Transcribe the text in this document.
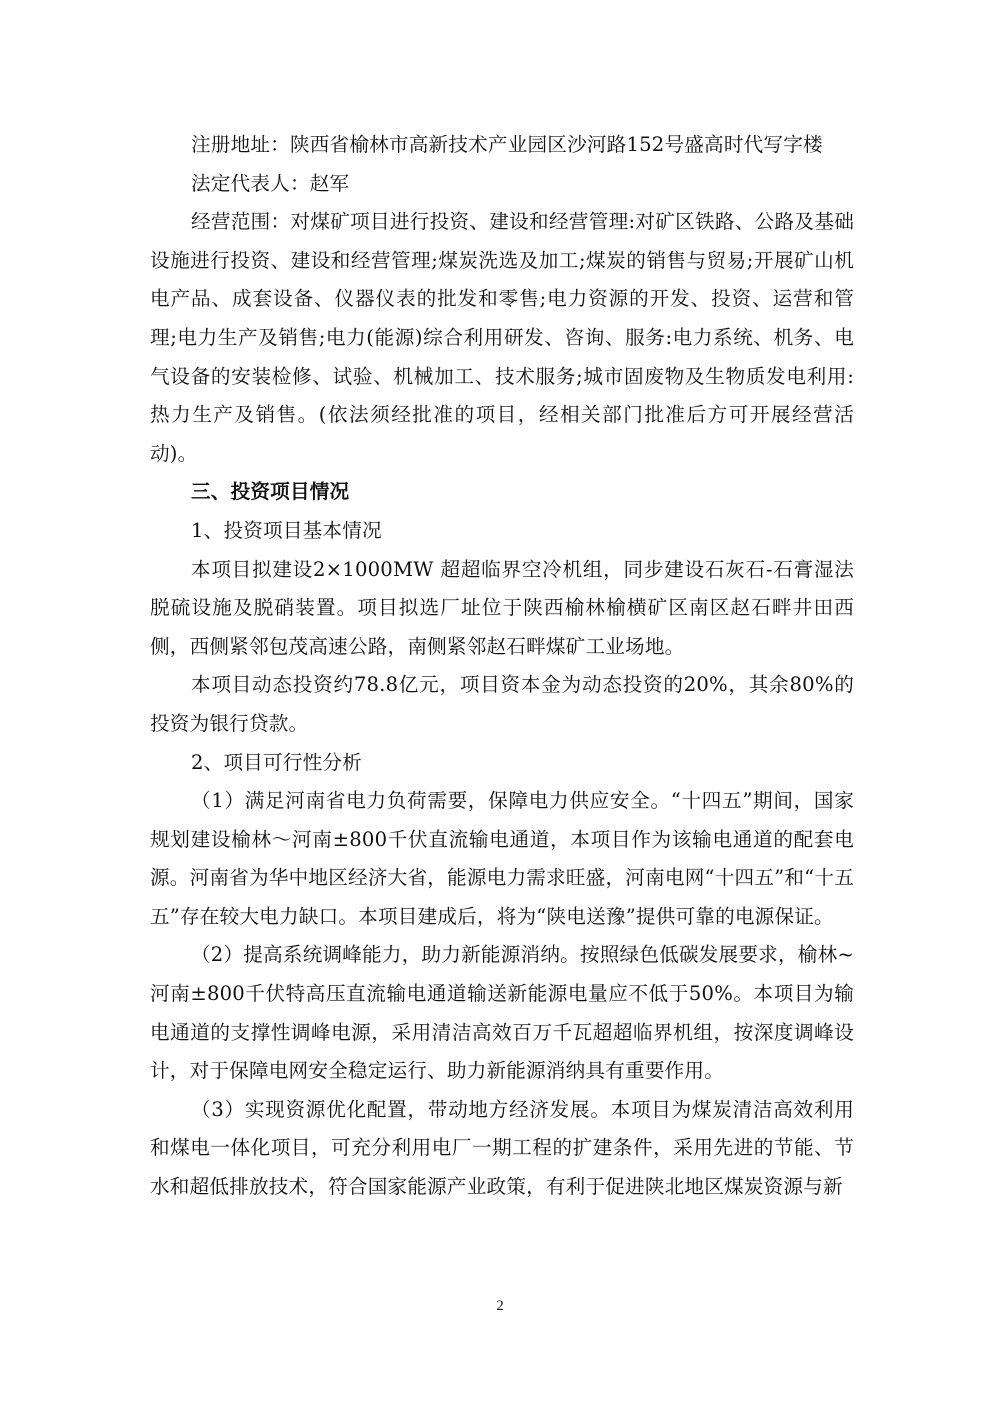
注册地址：陕西省榆林市高新技术产业园区沙河路152号盛高时代写字楼

法定代表人：赵军

经营范围：对煤矿项目进行投资、建设和经营管理:对矿区铁路、公路及基础设施进行投资、建设和经营管理;煤炭洗选及加工;煤炭的销售与贸易;开展矿山机电产品、成套设备、仪器仪表的批发和零售;电力资源的开发、投资、运营和管理;电力生产及销售;电力(能源)综合利用研发、咨询、服务:电力系统、机务、电气设备的安装检修、试验、机械加工、技术服务;城市固废物及生物质发电利用:热力生产及销售。(依法须经批准的项目，经相关部门批准后方可开展经营活动)。

三、投资项目情况

1、投资项目基本情况

本项目拟建设2×1000MW 超超临界空冷机组，同步建设石灰石-石膏湿法脱硫设施及脱硝装置。项目拟选厂址位于陕西榆林榆横矿区南区赵石畔井田西侧，西侧紧邻包茂高速公路，南侧紧邻赵石畔煤矿工业场地。

本项目动态投资约78.8亿元，项目资本金为动态投资的20%，其余80%的投资为银行贷款。

2、项目可行性分析

（1）满足河南省电力负荷需要，保障电力供应安全。“十四五”期间，国家规划建设榆林～河南±800千伏直流输电通道，本项目作为该输电通道的配套电源。河南省为华中地区经济大省，能源电力需求旺盛，河南电网“十四五”和“十五五”存在较大电力缺口。本项目建成后，将为“陕电送豫”提供可靠的电源保证。

（2）提高系统调峰能力，助力新能源消纳。按照绿色低碳发展要求，榆林~河南±800千伏特高压直流输电通道输送新能源电量应不低于50%。本项目为输电通道的支撑性调峰电源，采用清洁高效百万千瓦超超临界机组，按深度调峰设计，对于保障电网安全稳定运行、助力新能源消纳具有重要作用。

（3）实现资源优化配置，带动地方经济发展。本项目为煤炭清洁高效利用和煤电一体化项目，可充分利用电厂一期工程的扩建条件，采用先进的节能、节水和超低排放技术，符合国家能源产业政策，有利于促进陕北地区煤炭资源与新

2
